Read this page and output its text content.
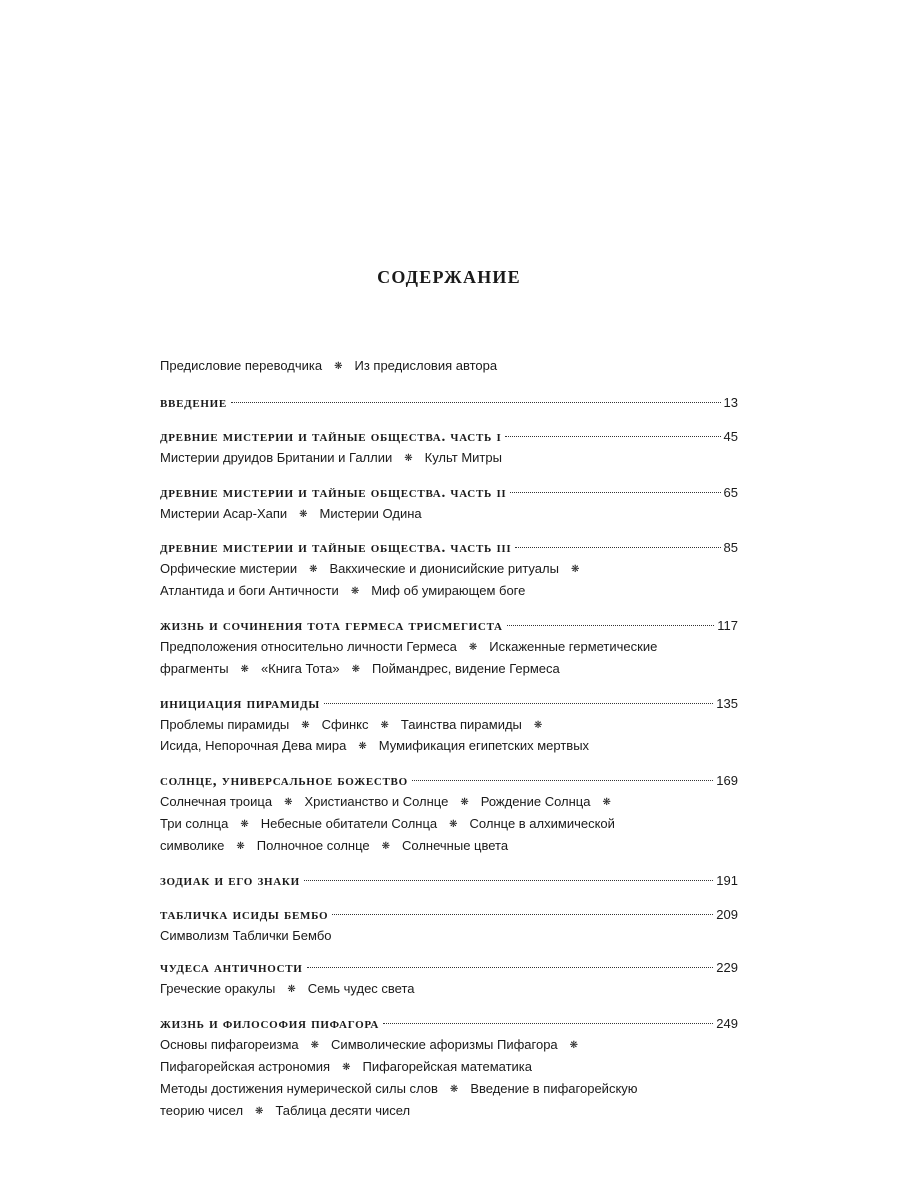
содержание
Предисловие переводчика ❋ Из предисловия автора
введение	13
древние мистерии и тайные общества. часть i	45
Мистерии друидов Британии и Галлии ❋ Культ Митры
древние мистерии и тайные общества. часть ii	65
Мистерии Асар-Хапи ❋ Мистерии Одина
древние мистерии и тайные общества. часть iii	85
Орфические мистерии ❋ Вакхические и дионисийские ритуалы ❋
Атлантида и боги Античности ❋ Миф об умирающем боге
жизнь и сочинения тота гермеса трисмегиста	117
Предположения относительно личности Гермеса ❋ Искаженные герметические
фрагменты ❋ «Книга Тота» ❋ Поймандрес, видение Гермеса
инициация пирамиды	135
Проблемы пирамиды ❋ Сфинкс ❋ Таинства пирамиды ❋
Исида, Непорочная Дева мира ❋ Мумификация египетских мертвых
солнце, универсальное божество	169
Солнечная троица ❋ Христианство и Солнце ❋ Рождение Солнца ❋
Три солнца ❋ Небесные обитатели Солнца ❋ Солнце в алхимической
символике ❋ Полночное солнце ❋ Солнечные цвета
зодиак и его знаки	191
табличка исиды бембо	209
Символизм Таблички Бембо
чудеса античности	229
Греческие оракулы ❋ Семь чудес света
жизнь и философия пифагора	249
Основы пифагореизма ❋ Символические афоризмы Пифагора ❋
Пифагорейская астрономия ❋ Пифагорейская математика
Методы достижения нумерической силы слов ❋ Введение в пифагорейскую
теорию чисел ❋ Таблица десяти чисел
